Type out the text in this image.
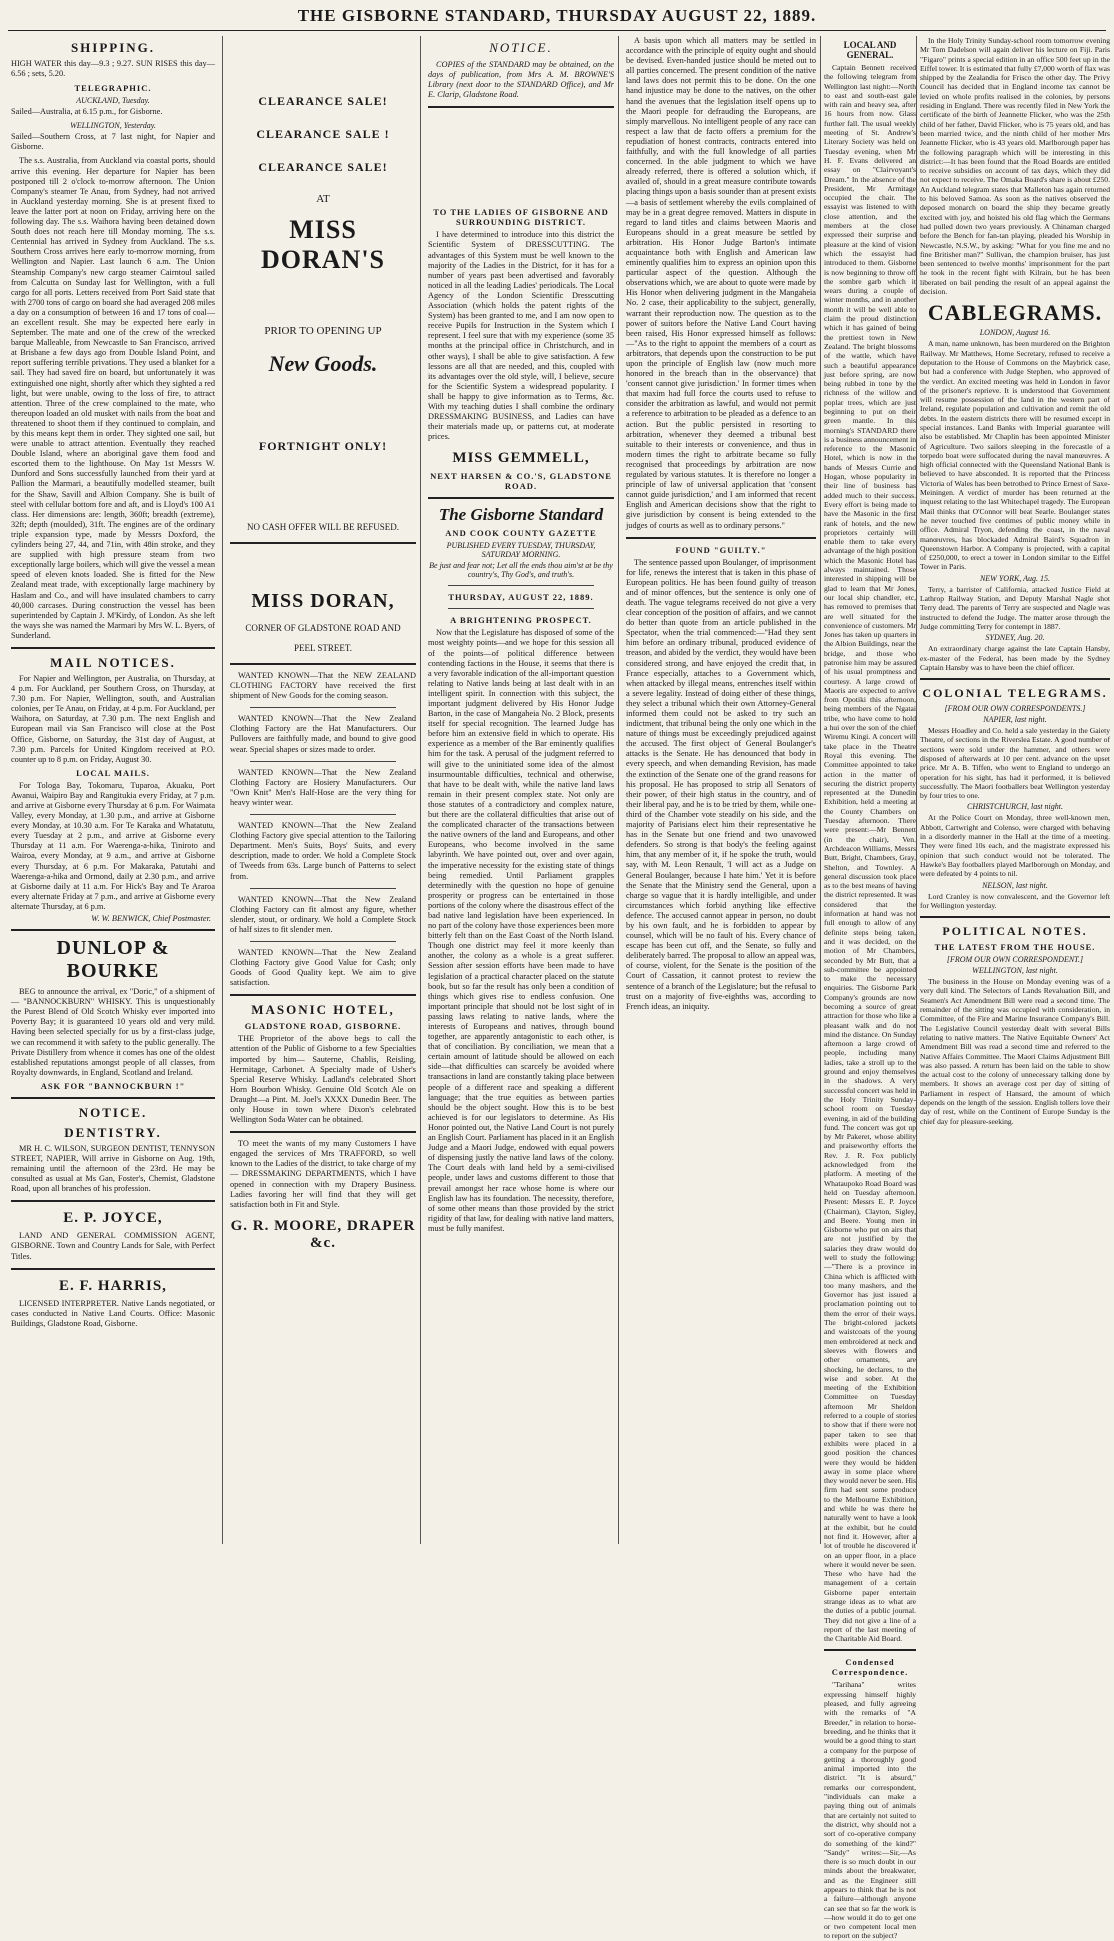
THE GISBORNE STANDARD, THURSDAY AUGUST 22, 1889.
SHIPPING.

HIGH WATER this day—9.3 ; 9.27. SUN RISES this day—6.56 ; sets, 5.20.

TELEGRAPHIC.
AUCKLAND, Tuesday.

Sailed—Australia, at 6.15 p.m., for Gisborne.

WELLINGTON, Yesterday.

Sailed—Southern Cross, at 7 last night, for Napier and Gisborne.

The s.s. Australia, from Auckland via coastal ports, should arrive this evening. Her departure for Napier has been postponed till 2 o'clock to-morrow afternoon. The Union Company's steamer Te Anau, from Sydney, had not arrived in Auckland yesterday morning. She is at present fixed to leave the latter port at noon on Friday, arriving here on the following day. The s.s. Waihora having been detained down South does not reach here till Monday morning. The s.s. Centennial has arrived in Sydney from Auckland. The s.s. Southern Cross arrives here early to-morrow morning, from Wellington and Napier. Last launch 6 a.m. The Union Steamship Company's new cargo steamer Cairntoul sailed from Calcutta on Sunday last for Wellington, with a full cargo for all ports. Letters received from Port Said state that with 2700 tons of cargo on board she had averaged 208 miles a day on a consumption of between 16 and 17 tons of coal—an excellent result. She may be expected here early in September. The mate and one of the crew of the wrecked barque Malleable, from Newcastle to San Francisco, arrived at Brisbane a few days ago from Double Island Point, and report suffering terrible privations. They used a blanket for a sail. They had saved fire on board, but unfortunately it was extinguished one night, shortly after which they sighted a red light, but were unable, owing to the loss of fire, to attract attention. Three of the crew complained to the mate, who thereupon loaded an old musket with nails from the boat and threatened to shoot them if they continued to complain, and by this means kept them in order. They sighted one sail, but were unable to attract attention. Eventually they reached Double Island, where an aboriginal gave them food and escorted them to the lighthouse. On May 1st Messrs W. Dunford and Sons successfully launched from their yard at Pallion the Marmari, a beautifully modelled steamer, built for the Shaw, Savill and Albion Company. She is built of steel with cellular bottom fore and aft, and is Lloyd's 100 A1 class. Her dimensions are: length, 360ft; breadth (extreme), 32ft; depth (moulded), 31ft. The engines are of the ordinary triple expansion type, made by Messrs Doxford, the cylinders being 27, 44, and 71in, with 48in stroke, and they are supplied with high pressure steam from two exceptionally large boilers, which will give the vessel a mean speed of eleven knots loaded. She is fitted for the New Zealand meat trade, with exceptionally large machinery by Haslam and Co., and will have insulated chambers to carry 40,000 carcases. During construction the vessel has been superintended by Captain J. M'Kirdy, of London. As she left the ways she was named the Marmari by Mrs W. L. Byers, of Sunderland.

MAIL NOTICES.

For Napier and Wellington, per Australia, on Thursday, at 4 p.m. For Auckland, per Southern Cross, on Thursday, at 7.30 p.m. For Napier, Wellington, south, and Australian colonies, per Te Anau, on Friday, at 4 p.m. For Auckland, per Waihora, on Saturday, at 7.30 p.m. The next English and European mail via San Francisco will close at the Post Office, Gisborne, on Saturday, the 31st day of August, at 7.30 p.m. Parcels for United Kingdom received at P.O. counter up to 8 p.m. on Friday, August 30.

LOCAL MAILS.

For Tologa Bay, Tokomaru, Tuparoa, Akuaku, Port Awanui, Waipiro Bay and Rangitukia every Friday, at 7 p.m. and arrive at Gisborne every Thursday at 6 p.m. For Waimata Valley, every Monday, at 1.30 p.m., and arrive at Gisborne every Monday, at 10.30 a.m. For Te Karaka and Whatatutu, every Tuesday at 2 p.m., and arrive at Gisborne every Thursday at 11 a.m. For Waerenga-a-hika, Tiniroto and Wairoa, every Monday, at 9 a.m., and arrive at Gisborne every Thursday, at 6 p.m. For Makaraka, Patutahi and Waerenga-a-hika and Ormond, daily at 2.30 p.m., and arrive at Gisborne daily at 11 a.m. For Hick's Bay and Te Araroa every alternate Friday at 7 p.m., and arrive at Gisborne every alternate Thursday, at 6 p.m.

W. W. BENWICK, Chief Postmaster.
DUNLOP & BOURKE

BEG to announce the arrival, ex "Doric," of a shipment of— "BANNOCKBURN" WHISKY. This is unquestionably the Purest Blend of Old Scotch Whisky ever imported into Poverty Bay; it is guaranteed 10 years old and very mild. Having been selected specially for us by a first-class judge, we can recommend it with safety to the public generally. The Private Distillery from whence it comes has one of the oldest established reputations amongst people of all classes, from Royalty downwards, in England, Scotland and Ireland.

ASK FOR "BANNOCKBURN !"
NOTICE.
DENTISTRY.

MR H. C. WILSON, SURGEON DENTIST, TENNYSON STREET, NAPIER, Will arrive in Gisborne on Aug. 19th, remaining until the afternoon of the 23rd. He may be consulted as usual at Ms Gan, Foster's, Chemist, Gladstone Road, upon all branches of his profession.

E. P. JOYCE,

LAND AND GENERAL COMMISSION AGENT, GISBORNE. Town and Country Lands for Sale, with Perfect Titles.

E. F. HARRIS,

LICENSED INTERPRETER. Native Lands negotiated, or cases conducted in Native Land Courts. Office: Masonic Buildings, Gladstone Road, Gisborne.

CLEARANCE SALE!
CLEARANCE SALE !
CLEARANCE SALE!
AT
MISS DORAN'S
PRIOR TO OPENING UP
New Goods.
FORTNIGHT ONLY!
NO CASH OFFER WILL BE REFUSED.
MISS DORAN,
CORNER OF GLADSTONE ROAD AND
PEEL STREET.

WANTED KNOWN—That the NEW ZEALAND CLOTHING FACTORY have received the first shipment of New Goods for the coming season.

WANTED KNOWN—That the New Zealand Clothing Factory are the Hat Manufacturers. Our Pullovers are faithfully made, and bound to give good wear. Special shapes or sizes made to order.

WANTED KNOWN—That the New Zealand Clothing Factory are Hosiery Manufacturers. Our "Own Knit" Men's Half-Hose are the very thing for heavy winter wear.

WANTED KNOWN—That the New Zealand Clothing Factory give special attention to the Tailoring Department. Men's Suits, Boys' Suits, and every description, made to order. We hold a Complete Stock of Tweeds from 63s. Large bunch of Patterns to select from.

WANTED KNOWN—That the New Zealand Clothing Factory can fit almost any figure, whether slender, stout, or ordinary. We hold a Complete Stock of half sizes to fit slender men.

WANTED KNOWN—That the New Zealand Clothing Factory give Good Value for Cash; only Goods of Good Quality kept. We aim to give satisfaction.

MASONIC HOTEL,
GLADSTONE ROAD, GISBORNE.

THE Proprietor of the above begs to call the attention of the Public of Gisborne to a few Specialties imported by him— Sauterne, Chablis, Reisling, Hermitage, Carbonet. A Specialty made of Usher's Special Reserve Whisky. Ladland's celebrated Short Horn Bourbon Whisky. Genuine Old Scotch Ale on Draught—a Pint. M. Joel's XXXX Dunedin Beer. The only House in town where Dixon's celebrated Wellington Soda Water can be obtained.

TO meet the wants of my many Customers I have engaged the services of Mrs TRAFFORD, so well known to the Ladies of the district, to take charge of my— DRESSMAKING DEPARTMENTS, which I have opened in connection with my Drapery Business. Ladies favoring her will find that they will get satisfaction both in Fit and Style.

G. R. MOORE, DRAPER &c.
NOTICE.

COPIES of the STANDARD may be obtained, on the days of publication, from Mrs A. M. BROWNE'S Library (next door to the STANDARD Office), and Mr E. Clarip, Gladstone Road.

TO THE LADIES OF GISBORNE AND SURROUNDING DISTRICT.

I have determined to introduce into this district the Scientific System of DRESSCUTTING. The advantages of this System must be well known to the majority of the Ladies in the District, for it has for a number of years past been advertised and favorably noticed in all the leading Ladies' periodicals. The Local Agency of the London Scientific Dresscutting Association (which holds the patent rights of the System) has been granted to me, and I am now open to receive Pupils for Instruction in the System which I represent. I feel sure that with my experience (some 35 months at the principal office in Christchurch, and in other ways), I shall be able to give satisfaction. A few lessons are all that are needed, and this, coupled with its advantages over the old style, will, I believe, secure for the Scientific System a widespread popularity. I shall be happy to give information as to Terms, &c. With my teaching duties I shall combine the ordinary DRESSMAKING BUSINESS, and Ladies can have their materials made up, or patterns cut, at moderate prices.

MISS GEMMELL,
NEXT HARSEN & CO.'S, GLADSTONE ROAD.
The Gisborne Standard
AND COOK COUNTY GAZETTE
PUBLISHED EVERY TUESDAY, THURSDAY, SATURDAY MORNING.
Be just and fear not; Let all the ends thou aim'st at be thy country's, Thy God's, and truth's.
THURSDAY, AUGUST 22, 1889.
A BRIGHTENING PROSPECT.

Now that the Legislature has disposed of some of the most weighty points—and we hope for this session all of the points—of political difference between contending factions in the House, it seems that there is a very favorable indication of the all-important question relating to Native lands being at last dealt with in an intelligent spirit. In connection with this subject, the important judgment delivered by His Honor Judge Barton, in the case of Mangaheia No. 2 Block, presents itself for special recognition. The learned Judge has before him an extensive field in which to operate. His experience as a member of the Bar eminently qualifies him for the task. A perusal of the judgment referred to will give to the uninitiated some idea of the almost insurmountable difficulties, technical and otherwise, that have to be dealt with, while the native land laws remain in their present complex state. Not only are those statutes of a contradictory and complex nature, but there are the collateral difficulties that arise out of the complicated character of the transactions between the native owners of the land and Europeans, and other Europeans, who become involved in the same labyrinth. We have pointed out, over and over again, the imperative necessity for the existing state of things being remedied. Until Parliament grapples determinedly with the question no hope of genuine prosperity or progress can be entertained in those portions of the colony where the disastrous effect of the bad native land legislation have been experienced. In no part of the colony have those experiences been more bitterly felt than on the East Coast of the North Island. Though one district may feel it more keenly than another, the colony as a whole is a great sufferer. Session after session efforts have been made to have legislation of a practical character placed on the statute book, but so far the result has only been a condition of things which gives rise to endless confusion. One important principle that should not be lost sight of in passing laws relating to native lands, where the interests of Europeans and natives, through bound together, are apparently antagonistic to each other, is that of conciliation. By conciliation, we mean that a certain amount of latitude should be allowed on each side—that difficulties can scarcely be avoided where transactions in land are constantly taking place between people of a different race and speaking a different language; that the true equities as between parties should be the object sought. How this is to be best achieved is for our legislators to determine. As His Honor pointed out, the Native Land Court is not purely an English Court. Parliament has placed in it an English Judge and a Maori Judge, endowed with equal powers of dispensing justly the native land laws of the colony. The Court deals with land held by a semi-civilised people, under laws and customs different to those that prevail amongst her race whose home is where our English law has its foundation. The necessity, therefore, of some other means than those provided by the strict rigidity of that law, for dealing with native land matters, must be fully manifest.

A basis upon which all matters may be settled in accordance with the principle of equity ought and should be devised. Even-handed justice should be meted out to all parties concerned. The present condition of the native land laws does not permit this to be done. On the one hand injustice may be done to the natives, on the other hand the avenues that the legislation itself opens up to the Maori people for defrauding the Europeans, are simply marvellous. No intelligent people of any race can respect a law that de facto offers a premium for the repudiation of honest contracts, contracts entered into faithfully, and with the full knowledge of all parties concerned. In the able judgment to which we have already referred, there is offered a solution which, if availed of, should in a great measure contribute towards placing things upon a basis sounder than at present exists—a basis of settlement whereby the evils complained of may be in a great degree removed. Matters in dispute in regard to land titles and claims between Maoris and Europeans should in a great measure be settled by arbitration. His Honor Judge Barton's intimate acquaintance both with English and American law eminently qualifies him to express an opinion upon this particular aspect of the question. Although the observations which, we are about to quote were made by His Honor when delivering judgment in the Mangaheia No. 2 case, their applicability to the subject, generally, warrant their reproduction now. The question as to the power of suitors before the Native Land Court having been raised, His Honor expressed himself as follows:—"As to the right to appoint the members of a court as arbitrators, that depends upon the construction to be put upon the principle of English law (now much more honored in the breach than in the observance) that 'consent cannot give jurisdiction.' In former times when that maxim had full force the courts used to refuse to consider the arbitration as lawful, and would not permit a reference to arbitration to be pleaded as a defence to an action. But the public persisted in resorting to arbitration, whenever they deemed a tribunal best suitable to their interests or convenience, and thus in modern times the right to arbitrate became so fully recognised that proceedings by arbitration are now regulated by various statutes. It is therefore no longer a principle of law of universal application that 'consent cannot guide jurisdiction,' and I am informed that recent English and American decisions show that the right to give jurisdiction by consent is being extended to the judges of courts as well as to ordinary persons."

FOUND "GUILTY."

The sentence passed upon Boulanger, of imprisonment for life, renews the interest that is taken in this phase of European politics. He has been found guilty of treason and of minor offences, but the sentence is only one of death. The vague telegrams received do not give a very clear conception of the position of affairs, and we cannot do better than quote from an article published in the Spectator, when the trial commenced:—"Had they sent him before an ordinary tribunal, produced evidence of treason, and abided by the verdict, they would have been considered strong, and have enjoyed the credit that, in France especially, attaches to a Government which, when attacked by illegal means, entrenches itself within a severe legality. Instead of doing either of these things, they select a tribunal which their own Attorney-General informed them could not be asked to try such an indictment, that tribunal being the only one which in the nature of things must be exceedingly prejudiced against the accused. The first object of General Boulanger's attacks is the Senate. He has denounced that body in every speech, and when demanding Revision, has made the extinction of the Senate one of the grand reasons for his proposal. He has proposed to strip all Senators of their power, of their high status in the country, and of their liberal pay, and he is to be tried by them, while one-third of the Chamber vote steadily on his side, and the majority of Parisians elect him their representative he has in the Senate but one friend and two unavowed defenders. So strong is that body's the feeling against him, that any member of it, if he spoke the truth, would say, with M. Leon Renault, 'I will act as a Judge on General Boulanger, because I hate him.' Yet it is before the Senate that the Ministry send the General, upon a charge so vague that it is hardly intelligible, and under circumstances which forbid anything like effective defence. The accused cannot appear in person, no doubt by his own fault, and he is forbidden to appear by counsel, which will be no fault of his. Every chance of escape has been cut off, and the Senate, so fully and deliberately barred. The proposal to allow an appeal was, of course, violent, for the Senate is the position of the Court of Cassation, it cannot protest to review the sentence of a branch of the Legislature; but the refusal to trust on a majority of five-eighths was, according to French ideas, an iniquity.

LOCAL AND GENERAL.

Captain Bennett received the following telegram from Wellington last night:—North to east and south-east gale with rain and heavy sea, after 16 hours from now. Glass further fall. The usual weekly meeting of St. Andrew's Literary Society was held on Tuesday evening, when Mr H. F. Evans delivered an essay on "Clairvoyant's Dream." In the absence of the President, Mr Armitage occupied the chair. The essayist was listened to with close attention, and the members at the close expressed their surprise and pleasure at the kind of vision which the essayist had introduced to them. Gisborne is now beginning to throw off the sombre garb which it wears during a couple of winter months, and in another month it will be well able to claim the proud distinction which it has gained of being the prettiest town in New Zealand. The bright blossoms of the wattle, which have such a beautiful appearance just before spring, are now being rubbed in tone by the richness of the willow and poplar trees, which are just beginning to put on their green mantle. In this morning's STANDARD there is a business announcement in reference to the Masonic Hotel, which is now in the hands of Messrs Currie and Hogan, whose popularity in their line of business has added much to their success. Every effort is being made to have the Masonic in the first rank of hotels, and the new proprietors certainly will enable them to take every advantage of the high position which the Masonic Hotel has always maintained. Those interested in shipping will be glad to learn that Mr Jones, our local ship chandler, etc, has removed to premises that are well situated for the convenience of customers. Mr Jones has taken up quarters in the Albion Buildings, near the bridge, and those who patronise him may be assured of his usual promptness and courtesy. A large crowd of Maoris are expected to arrive from Opotiki this afternoon, being members of the Ngatai tribe, who have come to hold a hui over the son of the chief Wiremu Kingi. A concert will take place in the Theatre Royal this evening. The Committee appointed to take action in the matter of securing the district property represented at the Dunedin Exhibition, held a meeting at the County Chambers on Tuesday afternoon. There were present:—Mr Bennett (in the chair), Ven. Archdeacon Williams, Messrs Butt, Bright, Chambers, Gray, Shelton, and Townley. A general discussion took place as to the best means of having the district represented. It was considered that the information at hand was not full enough to allow of any definite steps being taken, and it was decided, on the motion of Mr Chambers, seconded by Mr Butt, that a sub-committee be appointed to make the necessary enquiries. The Gisborne Park Company's grounds are now becoming a source of great attraction for those who like a pleasant walk and do not mind the distance. On Sunday afternoon a large crowd of people, including many ladies, take a stroll up to the ground and enjoy themselves in the shadows. A very successful concert was held in the Holy Trinity Sunday-school room on Tuesday evening, in aid of the building fund. The concert was got up by Mr Pakeret, whose ability and praiseworthy efforts the Rev. J. R. Fox publicly acknowledged from the platform. A meeting of the Whataupoko Road Board was held on Tuesday afternoon. Present: Messrs E. P. Joyce (Chairman), Clayton, Sigley, and Beere. Young men in Gisborne who put on airs that are not justified by the salaries they draw would do well to study the following:—"There is a province in China which is afflicted with too many mashers, and the Governor has just issued a proclamation pointing out to them the error of their ways. The bright-colored jackets and waistcoats of the young men embroidered at neck and sleeves with flowers and other ornaments, are shocking, he declares, to the wise and sober. At the meeting of the Exhibition Committee on Tuesday afternoon Mr Sheldon referred to a couple of stories to show that if there were not paper taken to see that exhibits were placed in a good position the chances were they would be hidden away in some place where they would never be seen. His firm had sent some produce to the Melbourne Exhibition, and while he was there he naturally went to have a look at the exhibit, but he could not find it. However, after a lot of trouble he discovered it on an upper floor, in a place where it would never be seen. These who have had the management of a certain Gisborne paper entertain strange ideas as to what are the duties of a public journal. They did not give a line of a report of the last meeting of the Charitable Aid Board.

Condensed Correspondence.

"Tarihana" writes expressing himself highly pleased, and fully agreeing with the remarks of "A Breeder," in relation to horse-breeding, and he thinks that it would be a good thing to start a company for the purpose of getting a thoroughly good animal imported into the district. "It is absurd," remarks our correspondent, "individuals can make a paying thing out of animals that are certainly not suited to the district, why should not a sort of co-operative company do something of the kind?" "Sandy" writes:—Sir,—As there is so much doubt in our minds about the breakwater, and as the Engineer still appears to think that he is not a failure—although anyone can see that so far the work is—how would it do to get one or two competent local men to report on the subject?

In the Holy Trinity Sunday-school room tomorrow evening Mr Tom Dadelson will again deliver his lecture on Fiji. Paris "Figaro" prints a special edition in an office 500 feet up in the Eiffel tower. It is estimated that fully £7,000 worth of flax was shipped by the Zealandia for Frisco the other day. The Privy Council has decided that in England income tax cannot be levied on whole profits realised in the colonies, by persons residing in England. There was recently filed in New York the certificate of the birth of Jeannette Flicker, who was the 25th child of her father, David Flicker, who is 75 years old, and has been married twice, and the ninth child of her mother Mrs Jeannette Flicker, who is 43 years old. Marlborough paper has the following paragraph which will be interesting in this district:—It has been found that the Road Boards are entitled to receive subsidies on account of tax days, which they did not expect to receive. The Omaka Board's share is about £250. An Auckland telegram states that Malleton has again returned to his beloved Samoa. As soon as the natives observed the deposed monarch on board the ship they became greatly excited with joy, and hoisted his old flag which the Germans had pulled down two years previously. A Chinaman charged before the Bench for fan-tan playing, pleaded his Worship in Newcastle, N.S.W., by asking: "What for you fine me and no fine Britisher man?" Sullivan, the champion bruiser, has just been sentenced to twelve months' imprisonment for the part he took in the recent fight with Kilrain, but he has been liberated on bail pending the result of an appeal against the decision.

CABLEGRAMS.
LONDON, August 16.

A man, name unknown, has been murdered on the Brighton Railway. Mr Matthews, Home Secretary, refused to receive a deputation to the House of Commons on the Maybrick case, but had a conference with Judge Stephen, who approved of the verdict. An excited meeting was held in London in favor of the prisoner's reprieve. It is understood that Government will resume possession of the land in the western part of Ireland, regulate population and cultivation and remit the old debts. In the eastern districts there will be resumed except in special instances. Land Banks with Imperial guarantee will also be established. Mr Chaplin has been appointed Minister of Agriculture. Two sailors sleeping in the forecastle of a torpedo boat were suffocated during the naval manœuvres. A high official connected with the Queensland National Bank is believed to have absconded. It is reported that the Princess Victoria of Wales has been betrothed to Prince Ernest of Saxe-Meiningen. A verdict of murder has been returned at the inquest relating to the last Whitechapel tragedy. The European Mail thinks that O'Connor will beat Searle. Boulanger states he never touched five centimes of public money while in office. Admiral Tryon, defending the coast, in the naval manœuvres, has blockaded Admiral Baird's Squadron in Queenstown Harbor. A Company is projected, with a capital of £250,000, to erect a tower in London similar to the Eiffel Tower in Paris.

NEW YORK, Aug. 15.

Terry, a barrister of California, attacked Justice Field at Lathrop Railway Station, and Deputy Marshal Nagle shot Terry dead. The parents of Terry are suspected and Nagle was instructed to defend the Judge. The matter arose through the Judge committing Terry for contempt in 1887.

SYDNEY, Aug. 20.

An extraordinary charge against the late Captain Hansby, ex-master of the Federal, has been made by the Sydney Captain Hansby was to have been the chief officer.

COLONIAL TELEGRAMS.
[FROM OUR OWN CORRESPONDENTS.]
NAPIER, last night.

Messrs Hoadley and Co. held a sale yesterday in the Gaiety Theatre, of sections in the Riverslea Estate. A good number of sections were sold under the hammer, and others were disposed of afterwards at 10 per cent. advance on the upset price. Mr A. B. Tiffen, who went to England to undergo an operation for his sight, has had it performed, it is believed successfully. The Maori footballers beat Wellington yesterday by four tries to one.

CHRISTCHURCH, last night.

At the Police Court on Monday, three well-known men, Abbott, Cartwright and Colenso, were charged with behaving in a disorderly manner in the Hall at the time of a meeting. They were fined 10s each, and the magistrate expressed his opinion that such conduct would not be tolerated. The Hawke's Bay footballers played Marlborough on Monday, and were defeated by 4 points to nil.

NELSON, last night.

Lord Cranley is now convalescent, and the Governor left for Wellington yesterday.

POLITICAL NOTES.
THE LATEST FROM THE HOUSE.
[FROM OUR OWN CORRESPONDENT.]
WELLINGTON, last night.

The business in the House on Monday evening was of a very dull kind. The Selectors of Lands Revaluation Bill, and Seamen's Act Amendment Bill were read a second time. The remainder of the sitting was occupied with consideration, in Committee, of the Fire and Marine Insurance Company's Bill. The Legislative Council yesterday dealt with several Bills relating to native matters. The Native Equitable Owners' Act Amendment Bill was read a second time and referred to the Native Affairs Committee. The Maori Claims Adjustment Bill was also passed. A return has been laid on the table to show the actual cost to the colony of unnecessary talking done by members. It shows an average cost per day of sitting of Parliament in respect of Hansard, the amount of which depends on the length of the session. English tollers love their day of rest, while on the Continent of Europe Sunday is the chief day for pleasure-seeking.
